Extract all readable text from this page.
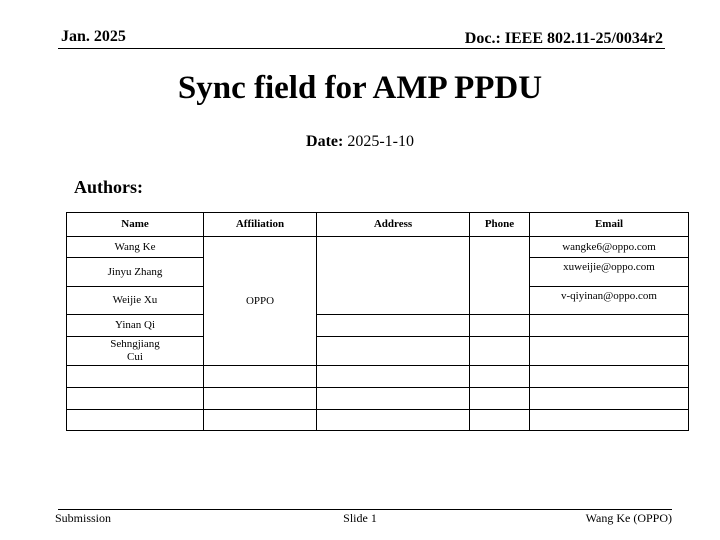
Jan. 2025	Doc.: IEEE 802.11-25/0034r2
Sync field for AMP PPDU
Date: 2025-1-10
Authors:
Name	Affiliation	Address	Phone	Email
Wang Ke	OPPO			wangke6@oppo.com
Jinyu Zhang				xuweijie@oppo.com
Weijie Xu				v-qiyinan@oppo.com
Yinan Qi				
Sehngjiang Cui				

Submission	Slide 1	Wang Ke (OPPO)
